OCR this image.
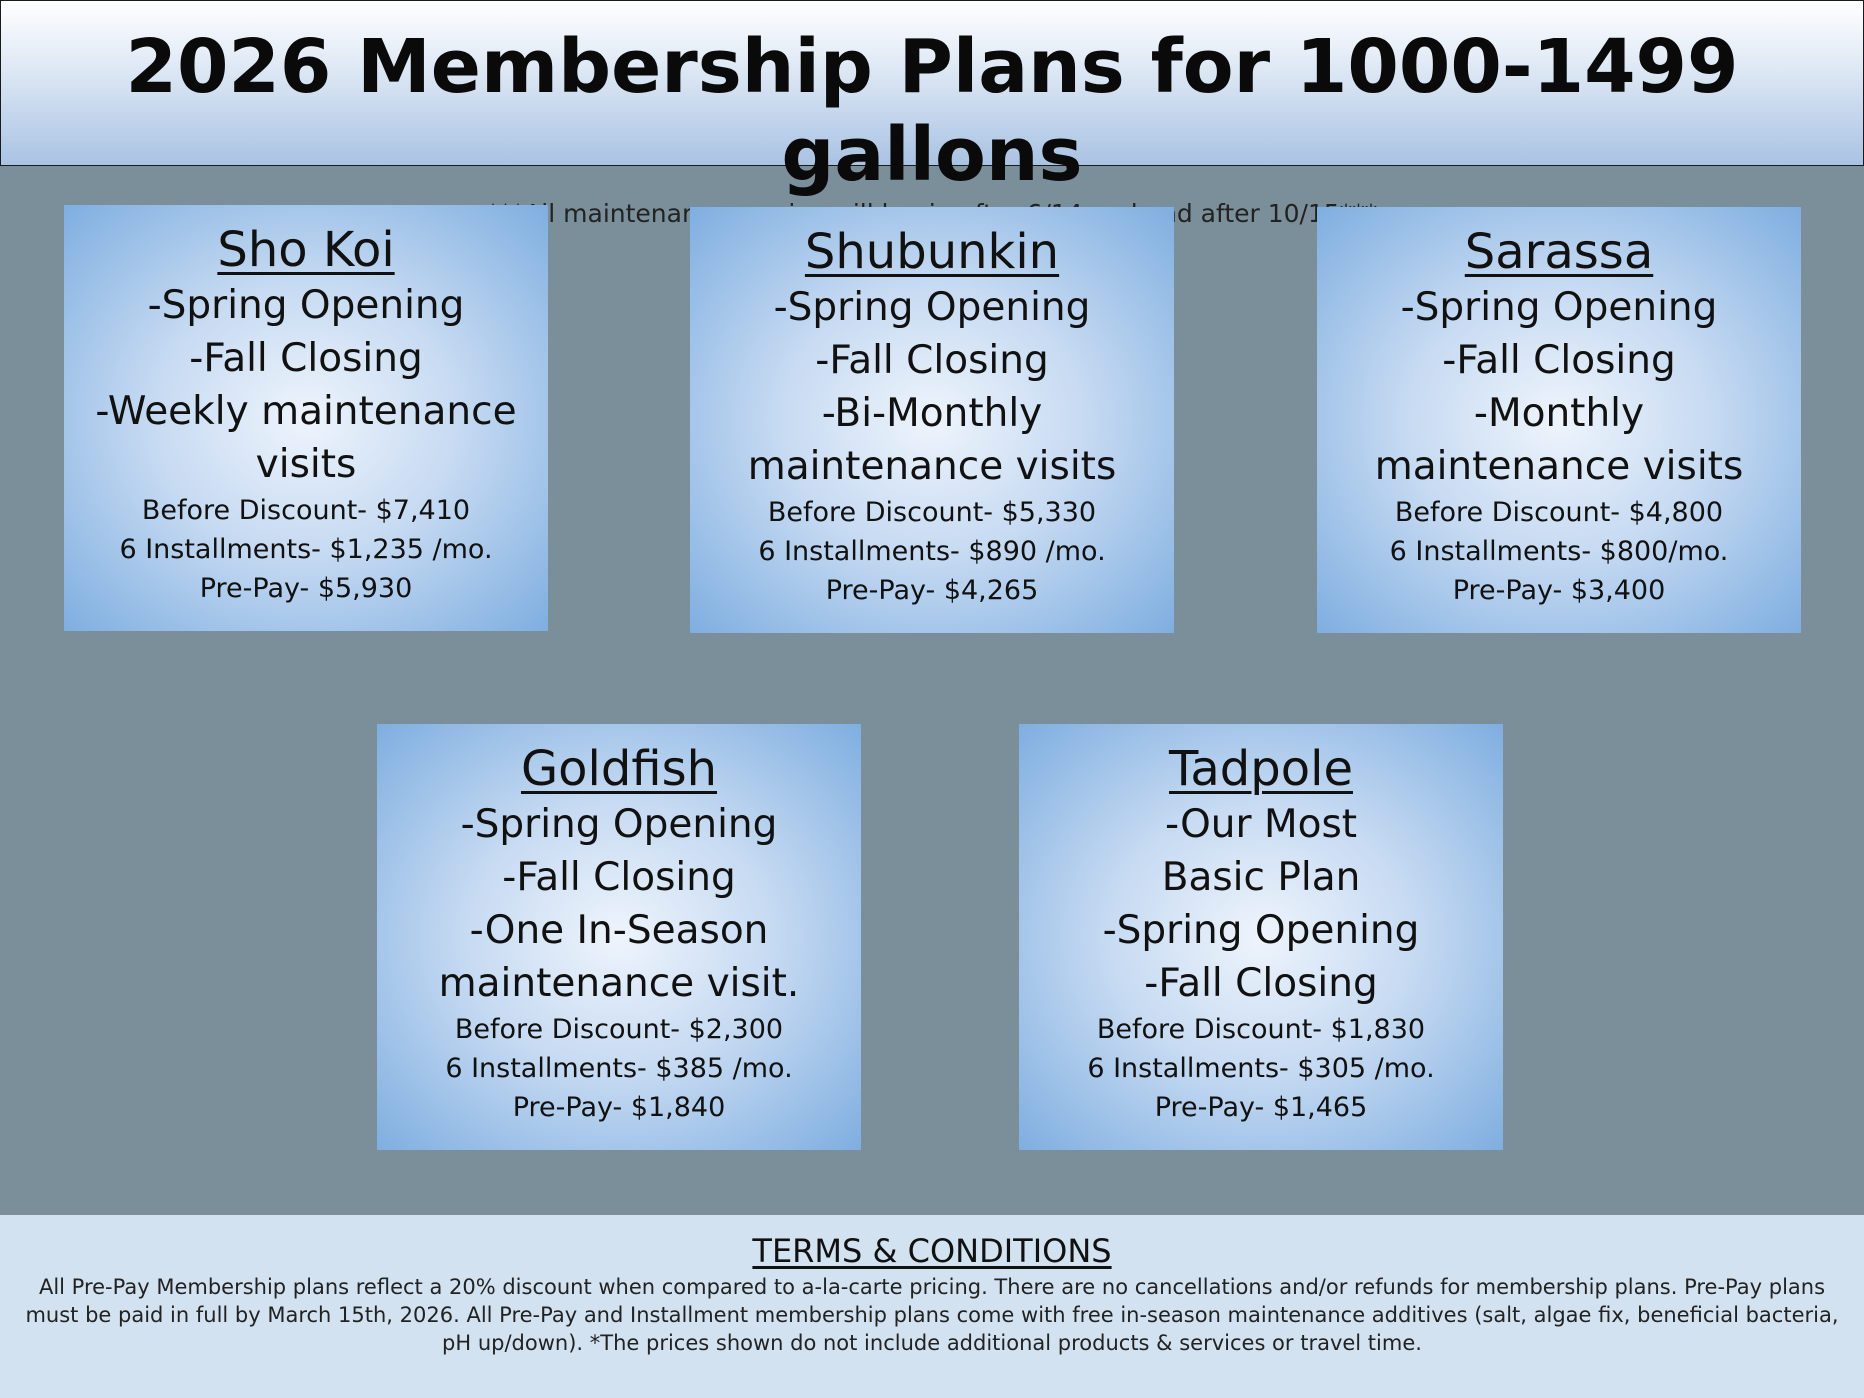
2026 Membership Plans for 1000-1499 gallons
maintenance after
Sho Koi
-Spring Opening
-Fall Closing
-Weekly maintenance
visits
Before Discount- $7,410
6 Installments- $1,235 /mo.
Pre-Pay- $5,930
Shubunkin
-Spring Opening
-Fall Closing
-Bi-Monthly
maintenance visits
Before Discount- $5,330
6 Installments- $890 /mo.
Pre-Pay- $4,265
Sarassa
-Spring Opening
-Fall Closing
-Monthly
maintenance visits
Before Discount- $4,800
6 Installments- $800/mo.
Pre-Pay- $3,400
Goldfish
-Spring Opening
-Fall Closing
-One In-Season
maintenance visit.
Before Discount- $2,300
6 Installments- $385 /mo.
Pre-Pay- $1,840
Tadpole
-Our Most
Basic Plan
-Spring Opening
-Fall Closing
Before Discount- $1,830
6 Installments- $305 /mo.
Pre-Pay- $1,465
TERMS & CONDITIONS
All Pre-Pay Membership plans reflect a 20% discount when compared to a-la-carte pricing. There are no cancellations and/or refunds for membership plans. Pre-Pay plans must be paid in full by March 15th, 2026. All Pre-Pay and Installment membership plans come with free in-season maintenance additives (salt, algae fix, beneficial bacteria, pH up/down). *The prices shown do not include additional products & services or travel time.
